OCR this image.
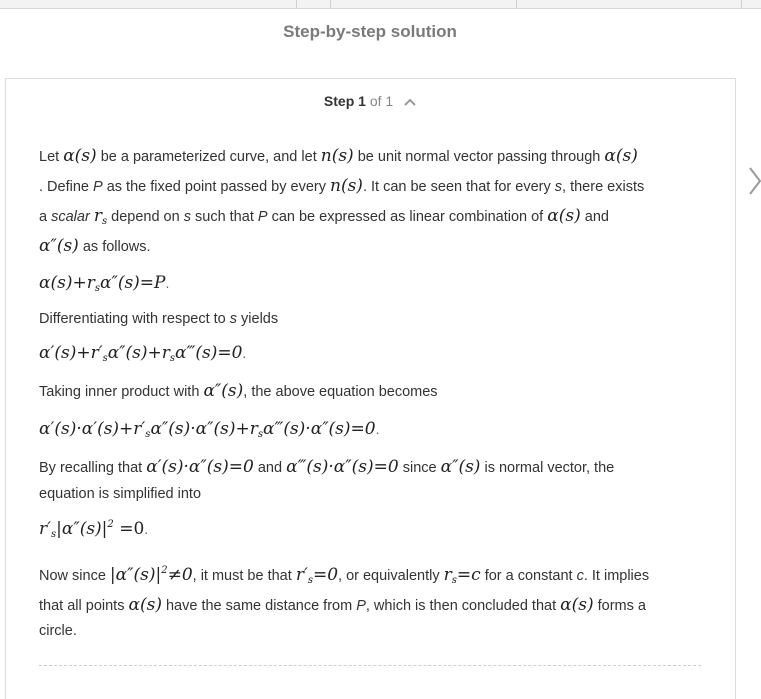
Step-by-step solution
Step 1 of 1
Let α(s) be a parameterized curve, and let n(s) be unit normal vector passing through α(s)
. Define P as the fixed point passed by every n(s). It can be seen that for every s, there exists
a scalar $r_s$ depend on s such that P can be expressed as linear combination of α(s) and
α″(s) as follows.
$\alpha(s)+r_s\alpha''(s)=P$.
Differentiating with respect to s yields
$\alpha'(s)+r'_s\alpha''(s)+r_s\alpha‴(s)=0$.
Taking inner product with α″(s), the above equation becomes
$\alpha'(s)\cdot\alpha'(s)+r'_s\alpha''(s)\cdot\alpha''(s)+r_s\alpha‴(s)\cdot\alpha''(s)=0$.
By recalling that α′(s)·α″(s)=0 and α‴(s)·α″(s)=0 since α″(s) is normal vector, the
equation is simplified into
$r'_s|\alpha''(s)|^2 =0$.
Now since $|\alpha''(s)|^2\ne 0$, it must be that $r'_s=0$, or equivalently $r_s=c$ for a constant c. It implies
that all points α(s) have the same distance from P, which is then concluded that α(s) forms a
circle.
